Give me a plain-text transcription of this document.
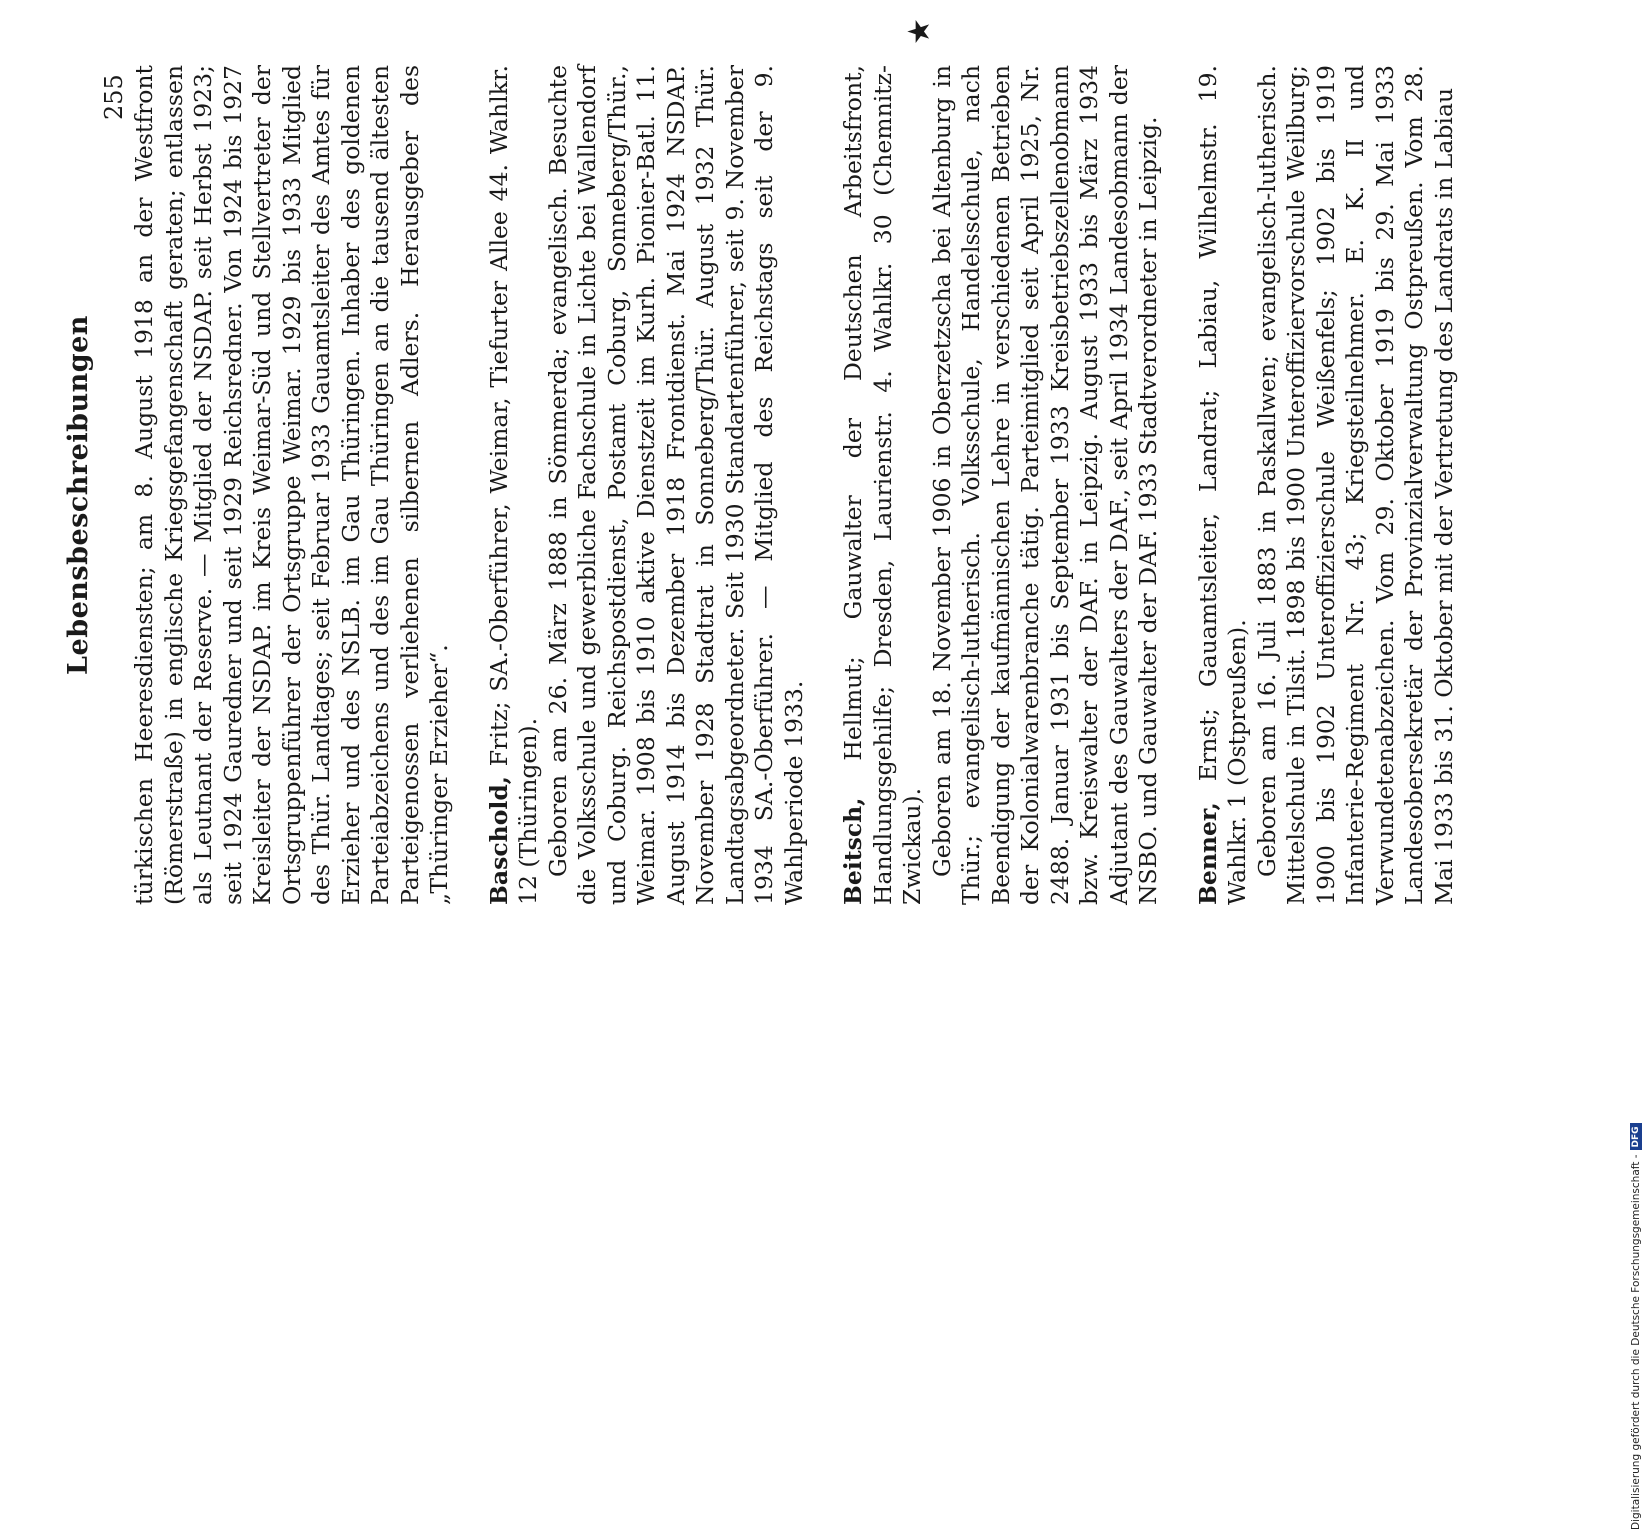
Lebensbeschreibungen
255
★

türkischen Heeresdiensten; am 8. August 1918 an der Westfront (Römerstraße) in englische Kriegsgefangenschaft geraten; entlassen als Leutnant der Reserve. — Mitglied der NSDAP. seit Herbst 1923; seit 1924 Gauredner und seit 1929 Reichsredner. Von 1924 bis 1927 Kreisleiter der NSDAP. im Kreis Weimar-Süd und Stellvertreter der Ortsgruppenführer der Ortsgruppe Weimar. 1929 bis 1933 Mitglied des Thür. Landtages; seit Februar 1933 Gauamtsleiter des Amtes für Erzieher und des NSLB. im Gau Thüringen. Inhaber des goldenen Parteiabzeichens und des im Gau Thüringen an die tausend ältesten Parteigenossen verliehenen silbernen Adlers. Herausgeber des „Thüringer Erzieher“. Baschold, Fritz; SA.-Oberführer, Weimar, Tiefurter Allee 44. Wahlkr. 12 (Thüringen). Geboren am 26. März 1888 in Sömmerda; evangelisch. Besuchte die Volksschule und gewerbliche Fachschule in Lichte bei Wallendorf und Coburg. Reichspostdienst, Postamt Coburg, Sonneberg/Thür., Weimar. 1908 bis 1910 aktive Dienstzeit im Kurh. Pionier-Batl. 11. August 1914 bis Dezember 1918 Frontdienst. Mai 1924 NSDAP. November 1928 Stadtrat in Sonneberg/Thür. August 1932 Thür. Landtagsabgeordneter. Seit 1930 Standartenführer, seit 9. November 1934 SA.-Oberführer. — Mitglied des Reichstags seit der 9. Wahlperiode 1933. Beitsch, Hellmut; Gauwalter der Deutschen Arbeitsfront, Handlungsgehilfe; Dresden, Laurienstr. 4. Wahlkr. 30 (Chemnitz-Zwickau). Geboren am 18. November 1906 in Oberzetzscha bei Altenburg in Thür.; evangelisch-lutherisch. Volksschule, Handelsschule, nach Beendigung der kaufmännischen Lehre in verschiedenen Betrieben der Kolonialwarenbranche tätig. Parteimitglied seit April 1925, Nr. 2488. Januar 1931 bis September 1933 Kreisbetriebszellenobmann bzw. Kreiswalter der DAF. in Leipzig. August 1933 bis März 1934 Adjutant des Gauwalters der DAF., seit April 1934 Landesobmann der NSBO. und Gauwalter der DAF. 1933 Stadtverordneter in Leipzig. Benner, Ernst; Gauamtsleiter, Landrat; Labiau, Wilhelmstr. 19. Wahlkr. 1 (Ostpreußen). Geboren am 16. Juli 1883 in Paskallwen; evangelisch-lutherisch. Mittelschule in Tilsit. 1898 bis 1900 Unteroffiziervorschule Weilburg; 1900 bis 1902 Unteroffizierschule Weißenfels; 1902 bis 1919 Infanterie-Regiment Nr. 43; Kriegsteilnehmer. E. K. II und Verwundetenabzeichen. Vom 29. Oktober 1919 bis 29. Mai 1933 Landesobersekretär der Provinzialverwaltung Ostpreußen. Vom 28. Mai 1933 bis 31. Oktober mit der Vertretung des Landrats in Labiau

Digitalisierung gefördert durch die Deutsche Forschungsgemeinschaft -DFG
